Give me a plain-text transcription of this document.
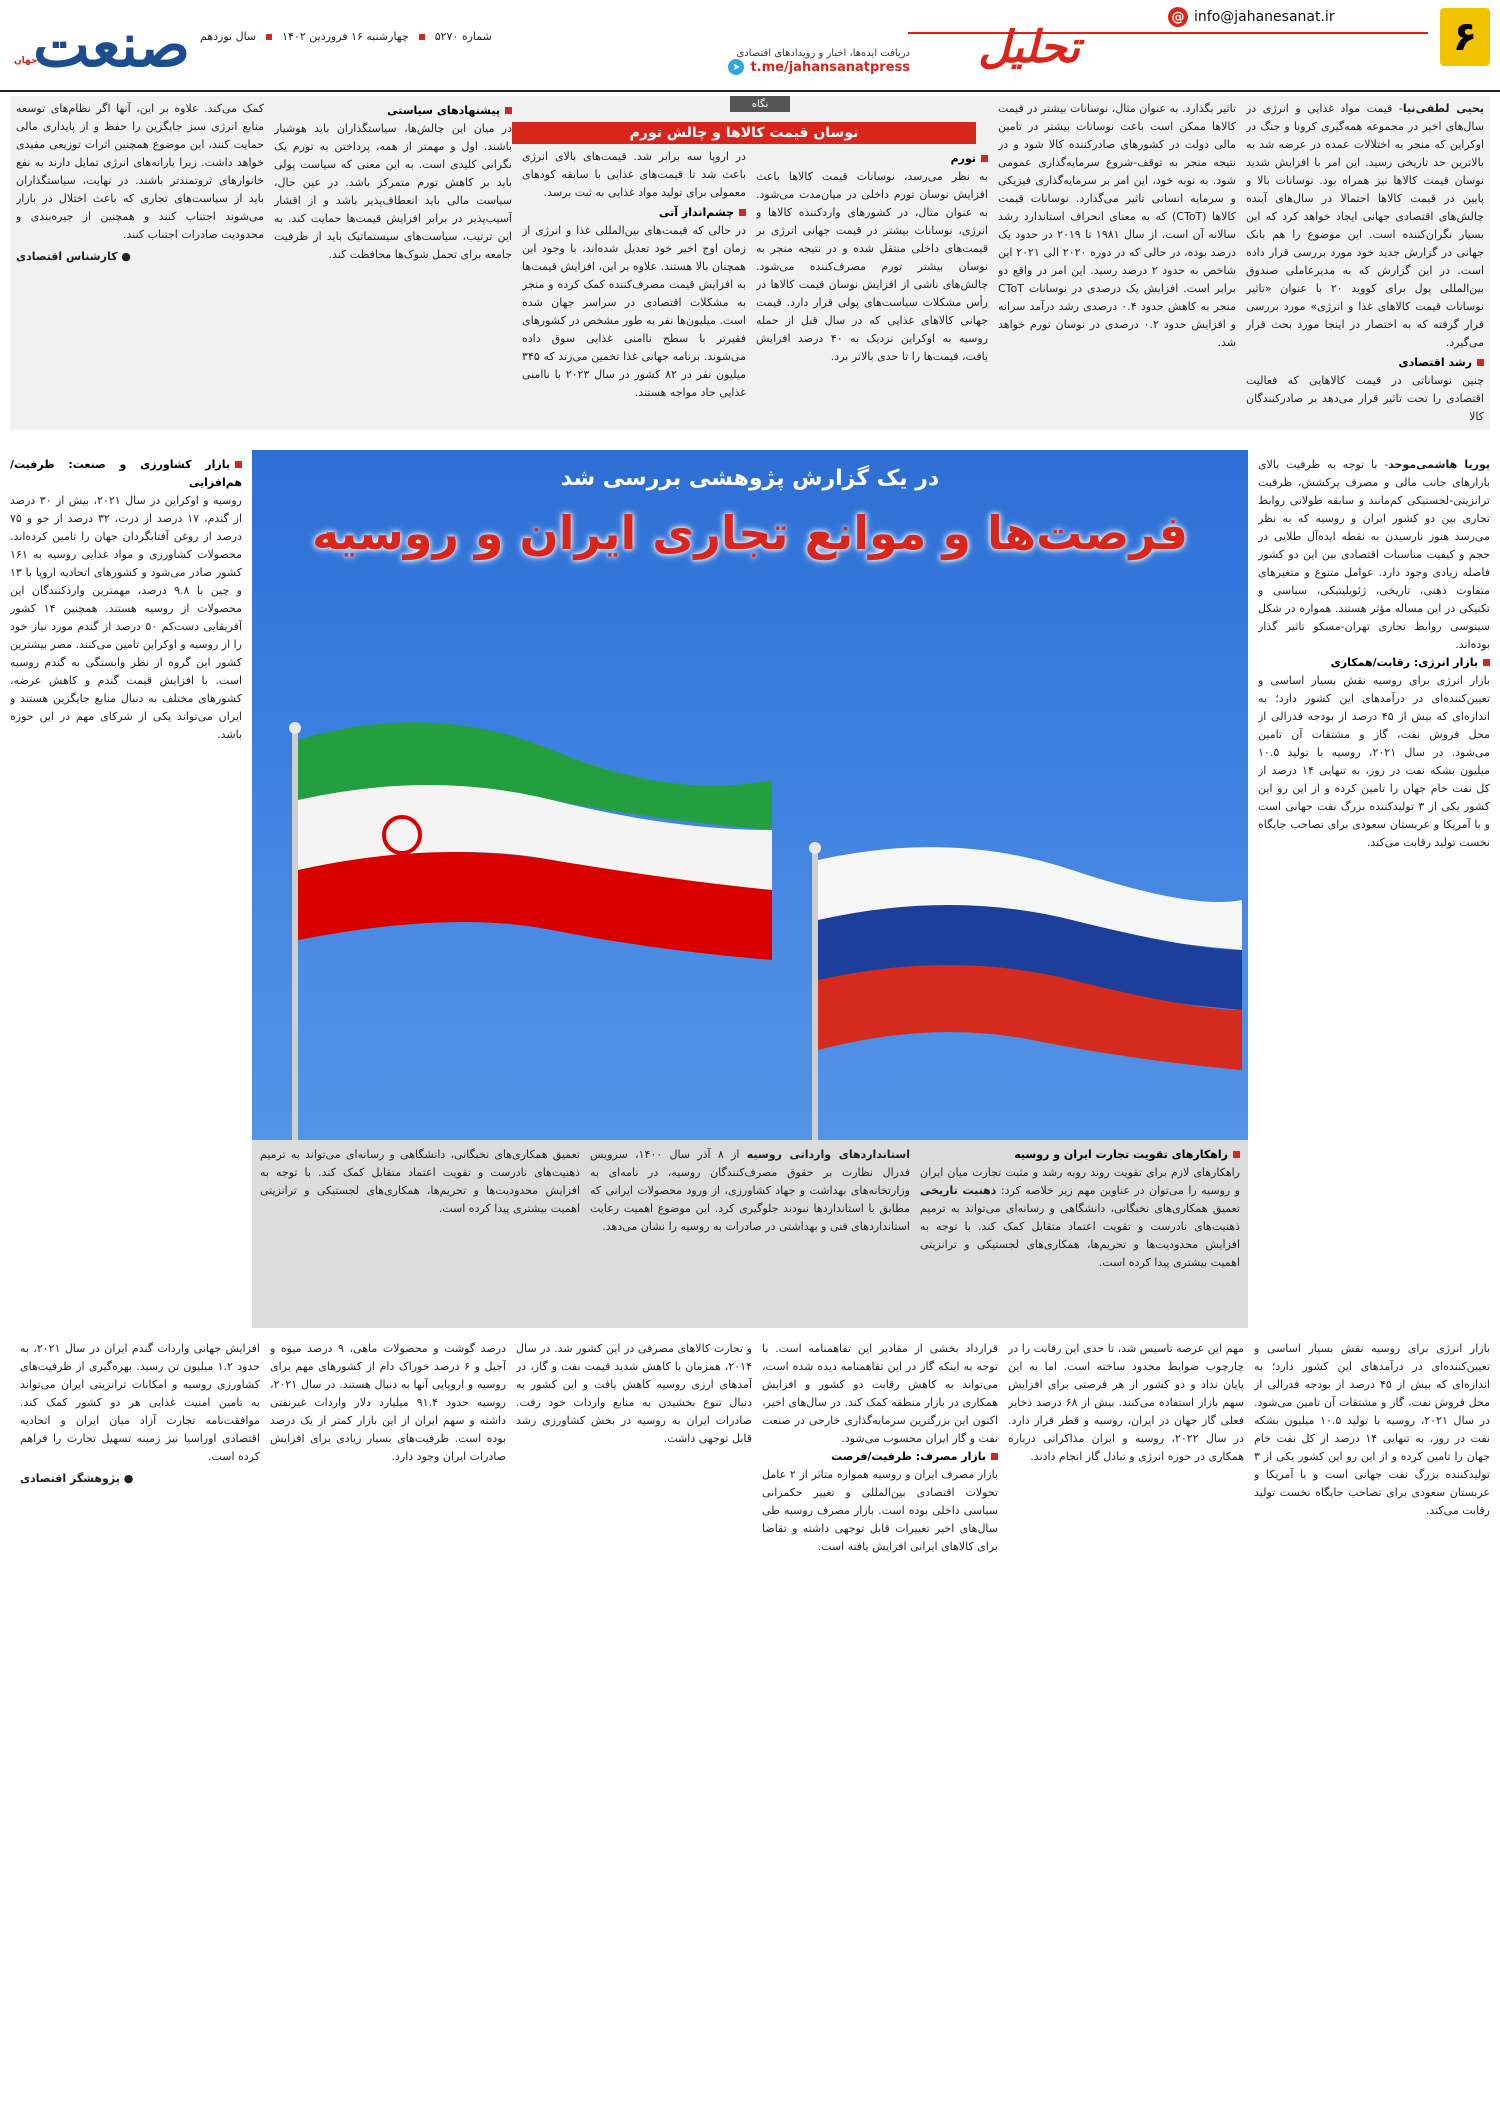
۶
@ info@jahanesanat.ir
تحلیل
دریافت ایده‌ها، اخبار و رویدادهای اقتصادی
➤ t.me/jahansanatpress
شماره ۵۲۷۰
چهارشنبه ۱۶ فروردین ۱۴۰۲
سال نوزدهم
صنعت
جهان
نگاه
نوسان قیمت کالاها و چالش تورم
یحیی لطفی‌نیا- قیمت مواد غذایی و انرژی در سال‌های اخیر در مجموعه همه‌گیری کرونا و جنگ در اوکراین که منجر به اختلالات عمده در عرضه شد به بالاترین حد تاریخی رسید. این امر با افزایش شدید نوسان قیمت کالاها نیز همراه بود. نوسانات بالا و پایین در قیمت کالاها احتمالا در سال‌های آینده چالش‌های اقتصادی جهانی ایجاد خواهد کرد که این بسیار نگران‌کننده است. این موضوع را هم بانک جهانی در گزارش جدید خود مورد بررسی قرار داده است. در این گزارش که به مدیرعاملی صندوق بین‌المللی پول برای کووید ۲۰ با عنوان «تاثیر نوسانات قیمت کالاهای غذا و انرژی» مورد بررسی قرار گرفته که به اختصار در اینجا مورد بحث قرار می‌گیرد.
رشد اقتصادی
چنین نوساناتی در قیمت کالاهایی که فعالیت اقتصادی را تحت تاثیر قرار می‌دهد بر صادرکنندگان کالا
تاثیر بگذارد. به عنوان مثال، نوسانات بیشتر در قیمت کالاها ممکن است باعث نوسانات بیشتر در تامین مالی دولت در کشورهای صادرکننده کالا شود و در نتیجه منجر به توقف-شروع سرمایه‌گذاری عمومی شود. به نوبه خود، این امر بر سرمایه‌گذاری فیزیکی و سرمایه انسانی تاثیر می‌گذارد. نوسانات قیمت کالاها (CToT) که به معنای انحراف استاندارد رشد سالانه آن است، از سال ۱۹۸۱ تا ۲۰۱۹ در حدود یک درصد بوده، در حالی که در دوره ۲۰۲۰ الی ۲۰۲۱ این شاخص به حدود ۲ درصد رسید. این امر در واقع دو برابر است. افزایش یک درصدی در نوسانات CToT منجر به کاهش حدود ۰.۴ درصدی رشد درآمد سرانه و افزایش حدود ۰.۲ درصدی در نوسان تورم خواهد شد.
تورم
به نظر می‌رسد، نوسانات قیمت کالاها باعث افزایش نوسان تورم داخلی در میان‌مدت می‌شود. به عنوان مثال، در کشورهای واردکننده کالاها و انرژی، نوسانات بیشتر در قیمت جهانی انرژی بر قیمت‌های داخلی منتقل شده و در نتیجه منجر به نوسان بیشتر تورم مصرف‌کننده می‌شود. چالش‌های ناشی از افزایش نوسان قیمت کالاها در رأس مشکلات سیاست‌های پولی قرار دارد. قیمت جهانی کالاهای غذایی که در سال قبل از حمله روسیه به اوکراین نزدیک به ۴۰ درصد افزایش یافت، قیمت‌ها را تا حدی بالاتر برد.
در اروپا سه برابر شد. قیمت‌های بالای انرژی باعث شد تا قیمت‌های غذایی با سابقه کودهای معمولی برای تولید مواد غذایی به ثبت برسد.
چشم‌انداز آتی
در حالی که قیمت‌های بین‌المللی غذا و انرژی از زمان اوج اخیر خود تعدیل شده‌اند، با وجود این همچنان بالا هستند. علاوه بر این، افزایش قیمت‌ها به افزایش قیمت مصرف‌کننده کمک کرده و منجر به مشکلات اقتصادی در سراسر جهان شده است. میلیون‌ها نفر به طور مشخص در کشورهای فقیرتر با سطح ناامنی غذایی سوق داده می‌شوند. برنامه جهانی غذا تخمین می‌زند که ۳۴۵ میلیون نفر در ۸۲ کشور در سال ۲۰۲۳ با ناامنی غذایی حاد مواجه هستند.
پیشنهادهای سیاستی
در میان این چالش‌ها، سیاستگذاران باید هوشیار باشند. اول و مهمتر از همه، پرداختن به تورم یک نگرانی کلیدی است. به این معنی که سیاست پولی باید بر کاهش تورم متمرکز باشد. در عین حال، سیاست مالی باید انعطاف‌پذیر باشد و از اقشار آسیب‌پذیر در برابر افزایش قیمت‌ها حمایت کند. به این ترتیب، سیاست‌های سیستماتیک باید از ظرفیت جامعه برای تحمل شوک‌ها محافظت کند.
کمک می‌کند. علاوه بر این، آنها اگر نظام‌های توسعه منابع انرژی سبز جایگزین را حفظ و از پایداری مالی حمایت کنند، این موضوع همچنین اثرات توزیعی مفیدی خواهد داشت. زیرا یارانه‌های انرژی تمایل دارند به نفع خانوارهای ثروتمندتر باشند. در نهایت، سیاستگذاران باید از سیاست‌های تجاری که باعث اختلال در بازار می‌شوند اجتناب کنند و همچنین از جیره‌بندی و محدودیت صادرات اجتناب کنند.
● کارشناس اقتصادی
بازار کشاورزی و صنعت: ظرفیت/هم‌افزایی
روسیه و اوکراین در سال ۲۰۲۱، بیش از ۳۰ درصد از گندم، ۱۷ درصد از ذرت، ۳۲ درصد از جو و ۷۵ درصد از روغن آفتابگردان جهان را تامین کرده‌اند. محصولات کشاورزی و مواد غذایی روسیه به ۱۶۱ کشور صادر می‌شود و کشورهای اتحادیه اروپا با ۱۳ و چین با ۹.۸ درصد، مهمترین واردکنندگان این محصولات از روسیه هستند. همچنین ۱۴ کشور آفریقایی دست‌کم ۵۰ درصد از گندم مورد نیاز خود را از روسیه و اوکراین تامین می‌کنند. مصر بیشترین کشور این گروه از نظر وابستگی به گندم روسیه است. با افزایش قیمت گندم و کاهش عرضه، کشورهای مختلف به دنبال منابع جایگزین هستند و ایران می‌تواند یکی از شرکای مهم در این حوزه باشد.
پوریا هاشمی‌موحد- با توجه به ظرفیت بالای بازارهای جانب مالی و مصرف پرکشش، ظرفیت ترانزیتی-لجستیکی کم‌مانند و سابقه طولانی روابط تجاری بین دو کشور ایران و روسیه که به نظر می‌رسد هنوز نارسیدن به نقطه ایده‌آل طلایی در حجم و کیفیت مناسبات اقتصادی بین این دو کشور فاصله زیادی وجود دارد. عوامل متنوع و متغیرهای متفاوت ذهنی، تاریخی، ژئوپلیتیکی، سیاسی و تکنیکی در این مساله مؤثر هستند. همواره در شکل سینوسی روابط تجاری تهران-مسکو تاثیر گذار بوده‌اند.
بازار انرژی: رقابت/همکاری
بازار انرژی برای روسیه نقش بسیار اساسی و تعیین‌کننده‌ای در درآمدهای این کشور دارد؛ به اندازه‌ای که بیش از ۴۵ درصد از بودجه فدرالی از محل فروش نفت، گاز و مشتقات آن تامین می‌شود. در سال ۲۰۲۱، روسیه با تولید ۱۰.۵ میلیون بشکه نفت در روز، به تنهایی ۱۴ درصد از کل نفت خام جهان را تامین کرده و از این رو این کشور یکی از ۳ تولیدکننده بزرگ نفت جهانی است و با آمریکا و عربستان سعودی برای تصاحب جایگاه نخست تولید رقابت می‌کند.
در یک گزارش پژوهشی بررسی شد
فرصت‌ها و موانع تجاری ایران و روسیه
راهکارهای تقویت تجارت ایران و روسیه
راهکارهای لازم برای تقویت روند روبه رشد و مثبت تجارت میان ایران و روسیه را می‌توان در عناوین مهم زیر خلاصه کرد: ذهنیت تاریخی تعمیق همکاری‌های نخبگانی، دانشگاهی و رسانه‌ای می‌تواند به ترمیم ذهنیت‌های نادرست و تقویت اعتماد متقابل کمک کند. با توجه به افزایش محدودیت‌ها و تحریم‌ها، همکاری‌های لجستیکی و ترانزیتی اهمیت بیشتری پیدا کرده است.
استانداردهای وارداتی روسیه از ۸ آذر سال ۱۴۰۰، سرویس فدرال نظارت بر حقوق مصرف‌کنندگان روسیه، در نامه‌ای به وزارتخانه‌های بهداشت و جهاد کشاورزی، از ورود محصولات ایرانی که مطابق با استانداردها نبودند جلوگیری کرد. این موضوع اهمیت رعایت استانداردهای فنی و بهداشتی در صادرات به روسیه را نشان می‌دهد.
تعمیق همکاری‌های نخبگانی، دانشگاهی و رسانه‌ای می‌تواند به ترمیم ذهنیت‌های نادرست و تقویت اعتماد متقابل کمک کند. با توجه به افزایش محدودیت‌ها و تحریم‌ها، همکاری‌های لجستیکی و ترانزیتی اهمیت بیشتری پیدا کرده است.
بازار انرژی برای روسیه نقش بسیار اساسی و تعیین‌کننده‌ای در درآمدهای این کشور دارد؛ به اندازه‌ای که بیش از ۴۵ درصد از بودجه فدرالی از محل فروش نفت، گاز و مشتقات آن تامین می‌شود. در سال ۲۰۲۱، روسیه با تولید ۱۰.۵ میلیون بشکه نفت در روز، به تنهایی ۱۴ درصد از کل نفت خام جهان را تامین کرده و از این رو این کشور یکی از ۳ تولیدکننده بزرگ نفت جهانی است و با آمریکا و عربستان سعودی برای تصاحب جایگاه نخست تولید رقابت می‌کند.
مهم این عرصه تاسیس شد، تا حدی این رقابت را در چارچوب ضوابط محدود ساخته است. اما به این پایان نداد و دو کشور از هر فرصتی برای افزایش سهم بازار استفاده می‌کنند. بیش از ۶۸ درصد ذخایر فعلی گاز جهان در ایران، روسیه و قطر قرار دارد. در سال ۲۰۲۲، روسیه و ایران مذاکراتی درباره همکاری در حوزه انرژی و تبادل گاز انجام دادند.
قرارداد بخشی از مقادیر این تفاهمنامه است. با توجه به اینکه گاز در این تفاهمنامه دیده شده است، می‌تواند به کاهش رقابت دو کشور و افزایش همکاری در بازار منطقه کمک کند. در سال‌های اخیر، اکنون این بزرگترین سرمایه‌گذاری خارجی در صنعت نفت و گاز ایران محسوب می‌شود.
بازار مصرف: ظرفیت/فرصت
بازار مصرف ایران و روسیه همواره متاثر از ۲ عامل تحولات اقتصادی بین‌المللی و تغییر حکمرانی سیاسی داخلی بوده است. بازار مصرف روسیه طی سال‌های اخیر تغییرات قابل توجهی داشته و تقاضا برای کالاهای ایرانی افزایش یافته است.
و تجارت کالاهای مصرفی در این کشور شد. در سال ۲۰۱۴، همزمان با کاهش شدید قیمت نفت و گاز، در آمدهای ارزی روسیه کاهش یافت و این کشور به دنبال تنوع بخشیدن به منابع واردات خود رفت. صادرات ایران به روسیه در بخش کشاورزی رشد قابل توجهی داشت.
درصد گوشت و محصولات ماهی، ۹ درصد میوه و آجیل و ۶ درصد خوراک دام از کشورهای مهم برای روسیه و اروپایی آنها به دنبال هستند. در سال ۲۰۲۱، روسیه حدود ۹۱.۴ میلیارد دلار واردات غیرنفتی داشته و سهم ایران از این بازار کمتر از یک درصد بوده است. ظرفیت‌های بسیار زیادی برای افزایش صادرات ایران وجود دارد.
افزایش جهانی واردات گندم ایران در سال ۲۰۲۱، به حدود ۱.۲ میلیون تن رسید. بهره‌گیری از ظرفیت‌های کشاورزی روسیه و امکانات ترانزیتی ایران می‌تواند به تامین امنیت غذایی هر دو کشور کمک کند. موافقت‌نامه تجارت آزاد میان ایران و اتحادیه اقتصادی اوراسیا نیز زمینه تسهیل تجارت را فراهم کرده است.
● پژوهشگر اقتصادی
